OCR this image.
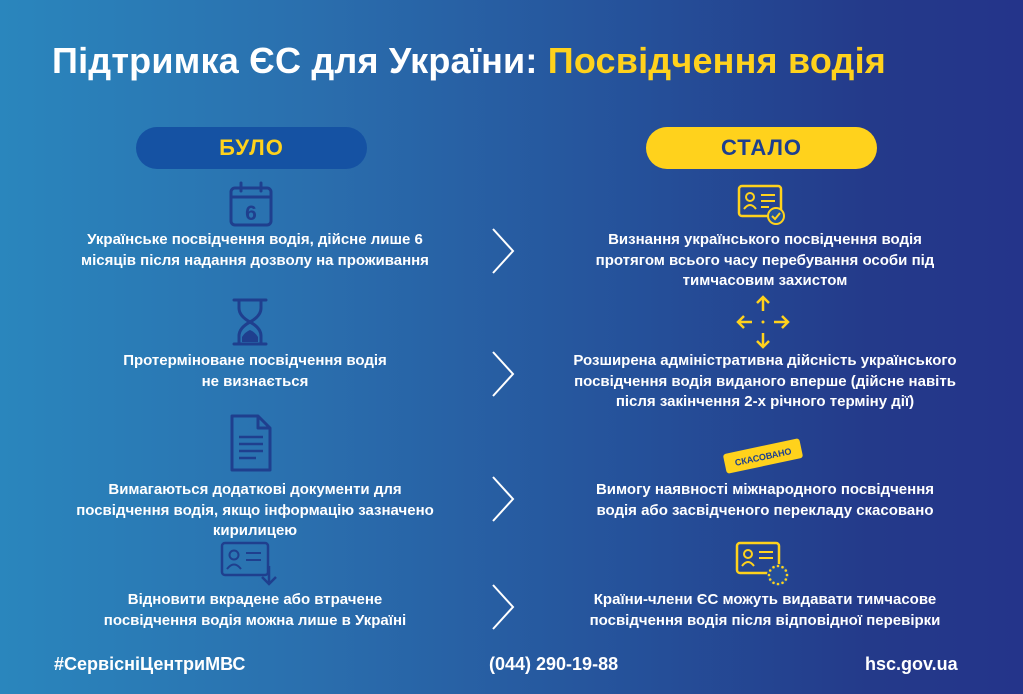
Підтримка ЄС для України: Посвідчення водія
БУЛО	СТАЛО
6
Українське посвідчення водія, дійсне лише 6
місяців після надання дозволу на проживання
Визнання українського посвідчення водія
протягом всього часу перебування особи під
тимчасовим захистом
Протерміноване посвідчення водія
не визнається
Розширена адміністративна дійсність українського
посвідчення водія виданого вперше (дійсне навіть
після закінчення 2-х річного терміну дії)
Вимагаються додаткові документи для
посвідчення водія, якщо інформацію зазначено
кирилицею
СКАСОВАНО
Вимогу наявності міжнародного посвідчення
водія або засвідченого перекладу скасовано
Відновити вкрадене або втрачене
посвідчення водія можна лише в Україні
Країни-члени ЄС можуть видавати тимчасове
посвідчення водія після відповідної перевірки
#СервісніЦентриМВС	(044) 290-19-88	hsc.gov.ua
